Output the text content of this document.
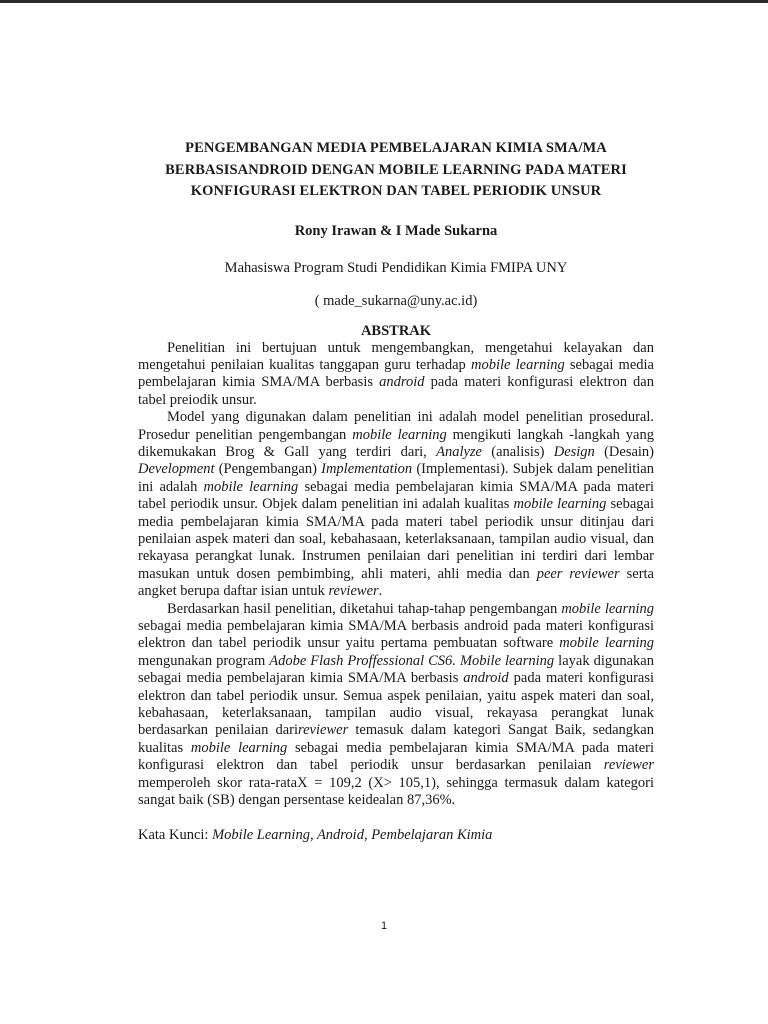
PENGEMBANGAN MEDIA PEMBELAJARAN KIMIA SMA/MA
BERBASISANDROID DENGAN MOBILE LEARNING PADA MATERI
KONFIGURASI ELEKTRON DAN TABEL PERIODIK UNSUR
Rony Irawan & I Made Sukarna
Mahasiswa Program Studi Pendidikan Kimia FMIPA UNY
( made_sukarna@uny.ac.id)
ABSTRAK

Penelitian ini bertujuan untuk mengembangkan, mengetahui kelayakan dan mengetahui penilaian kualitas tanggapan guru terhadap mobile learning sebagai media pembelajaran kimia SMA/MA berbasis android pada materi konfigurasi elektron dan tabel preiodik unsur.

Model yang digunakan dalam penelitian ini adalah model penelitian prosedural. Prosedur penelitian pengembangan mobile learning mengikuti langkah -langkah yang dikemukakan Brog & Gall yang terdiri dari, Analyze (analisis) Design (Desain) Development (Pengembangan) Implementation (Implementasi). Subjek dalam penelitian ini adalah mobile learning sebagai media pembelajaran kimia SMA/MA pada materi tabel periodik unsur. Objek dalam penelitian ini adalah kualitas mobile learning sebagai media pembelajaran kimia SMA/MA pada materi tabel periodik unsur ditinjau dari penilaian aspek materi dan soal, kebahasaan, keterlaksanaan, tampilan audio visual, dan rekayasa perangkat lunak. Instrumen penilaian dari penelitian ini terdiri dari lembar masukan untuk dosen pembimbing, ahli materi, ahli media dan peer reviewer serta angket berupa daftar isian untuk reviewer.

Berdasarkan hasil penelitian, diketahui tahap-tahap pengembangan mobile learning sebagai media pembelajaran kimia SMA/MA berbasis android pada materi konfigurasi elektron dan tabel periodik unsur yaitu pertama pembuatan software mobile learning mengunakan program Adobe Flash Proffessional CS6. Mobile learning layak digunakan sebagai media pembelajaran kimia SMA/MA berbasis android pada materi konfigurasi elektron dan tabel periodik unsur. Semua aspek penilaian, yaitu aspek materi dan soal, kebahasaan, keterlaksanaan, tampilan audio visual, rekayasa perangkat lunak berdasarkan penilaian darireviewer temasuk dalam kategori Sangat Baik, sedangkan kualitas mobile learning sebagai media pembelajaran kimia SMA/MA pada materi konfigurasi elektron dan tabel periodik unsur berdasarkan penilaian reviewer memperoleh skor rata-rataX = 109,2 (X> 105,1), sehingga termasuk dalam kategori sangat baik (SB) dengan persentase keidealan 87,36%.

Kata Kunci: Mobile Learning, Android, Pembelajaran Kimia
1
